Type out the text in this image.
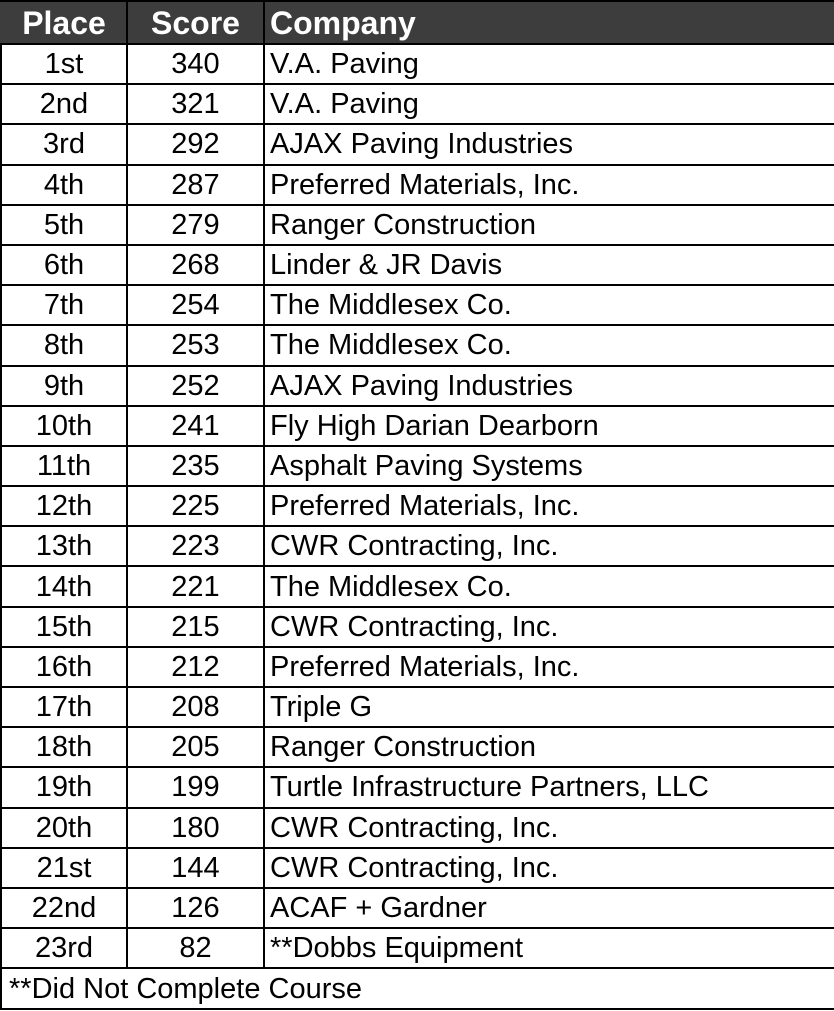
Place	Score	Company
1st	340	V.A. Paving
2nd	321	V.A. Paving
3rd	292	AJAX Paving Industries
4th	287	Preferred Materials, Inc.
5th	279	Ranger Construction
6th	268	Linder & JR Davis
7th	254	The Middlesex Co.
8th	253	The Middlesex Co.
9th	252	AJAX Paving Industries
10th	241	Fly High Darian Dearborn
11th	235	Asphalt Paving Systems
12th	225	Preferred Materials, Inc.
13th	223	CWR Contracting, Inc.
14th	221	The Middlesex Co.
15th	215	CWR Contracting, Inc.
16th	212	Preferred Materials, Inc.
17th	208	Triple G
18th	205	Ranger Construction
19th	199	Turtle Infrastructure Partners, LLC
20th	180	CWR Contracting, Inc.
21st	144	CWR Contracting, Inc.
22nd	126	ACAF + Gardner
23rd	82	**Dobbs Equipment
**Did Not Complete Course		
